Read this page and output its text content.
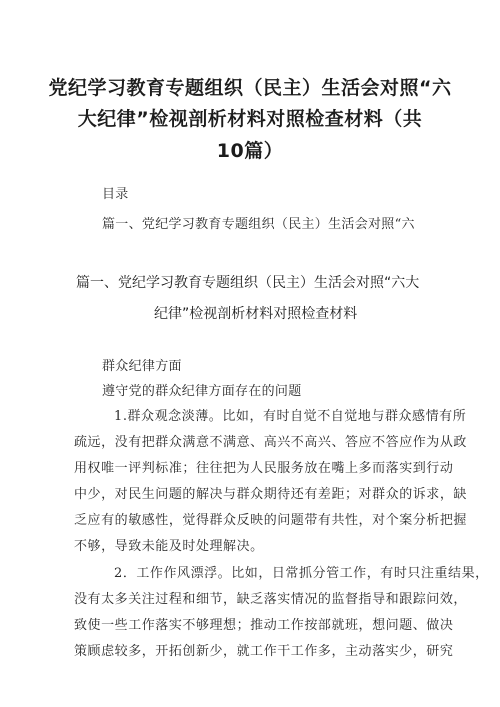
党纪学习教育专题组织（民主）生活会对照“六
大纪律”检视剖析材料对照检查材料（共
10篇）
目录
篇一、党纪学习教育专题组织（民主）生活会对照“六
篇一、党纪学习教育专题组织（民主）生活会对照“六大
纪律”检视剖析材料对照检查材料
群众纪律方面
遵守党的群众纪律方面存在的问题
1.群众观念淡薄。比如，有时自觉不自觉地与群众感情有所
疏远，没有把群众满意不满意、高兴不高兴、答应不答应作为从政
用权唯一评判标准；往往把为人民服务放在嘴上多而落实到行动
中少，对民生问题的解决与群众期待还有差距；对群众的诉求，缺
乏应有的敏感性，觉得群众反映的问题带有共性，对个案分析把握
不够，导致未能及时处理解决。
2．工作作风漂浮。比如，日常抓分管工作，有时只注重结果，
没有太多关注过程和细节，缺乏落实情况的监督指导和跟踪问效，
致使一些工作落实不够理想；推动工作按部就班，想问题、做决
策顾虑较多，开拓创新少，就工作干工作多，主动落实少，研究
